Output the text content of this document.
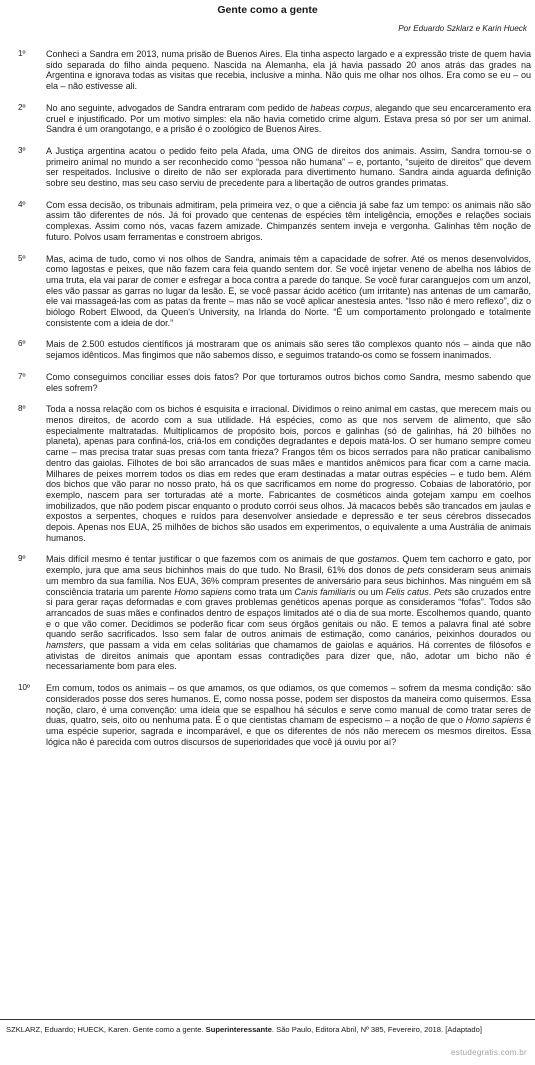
Gente como a gente
Por Eduardo Szklarz e Karin Hueck
1º	Conheci a Sandra em 2013, numa prisão de Buenos Aires. Ela tinha aspecto largado e a expressão triste de quem havia sido separada do filho ainda pequeno. Nascida na Alemanha, ela já havia passado 20 anos atrás das grades na Argentina e ignorava todas as visitas que recebia, inclusive a minha. Não quis me olhar nos olhos. Era como se eu – ou ela – não estivesse ali.
2º	No ano seguinte, advogados de Sandra entraram com pedido de habeas corpus, alegando que seu encarceramento era cruel e injustificado. Por um motivo simples: ela não havia cometido crime algum. Estava presa só por ser um animal. Sandra é um orangotango, e a prisão é o zoológico de Buenos Aires.
3º	A Justiça argentina acatou o pedido feito pela Afada, uma ONG de direitos dos animais. Assim, Sandra tornou-se o primeiro animal no mundo a ser reconhecido como “pessoa não humana” – e, portanto, “sujeito de direitos” que devem ser respeitados. Inclusive o direito de não ser explorada para divertimento humano. Sandra ainda aguarda definição sobre seu destino, mas seu caso serviu de precedente para a libertação de outros grandes primatas.
4º	Com essa decisão, os tribunais admitiram, pela primeira vez, o que a ciência já sabe faz um tempo: os animais não são assim tão diferentes de nós. Já foi provado que centenas de espécies têm inteligência, emoções e relações sociais complexas. Assim como nós, vacas fazem amizade. Chimpanzés sentem inveja e vergonha. Galinhas têm noção de futuro. Polvos usam ferramentas e constroem abrigos.
5º	Mas, acima de tudo, como vi nos olhos de Sandra, animais têm a capacidade de sofrer. Até os menos desenvolvidos, como lagostas e peixes, que não fazem cara feia quando sentem dor. Se você injetar veneno de abelha nos lábios de uma truta, ela vai parar de comer e esfregar a boca contra a parede do tanque. Se você furar caranguejos com um anzol, eles vão passar as garras no lugar da lesão. E, se você passar ácido acético (um irritante) nas antenas de um camarão, ele vai massageá-las com as patas da frente – mas não se você aplicar anestesia antes. “Isso não é mero reflexo”, diz o biólogo Robert Elwood, da Queen's University, na Irlanda do Norte. “É um comportamento prolongado e totalmente consistente com a ideia de dor.”
6º	Mais de 2.500 estudos científicos já mostraram que os animais são seres tão complexos quanto nós – ainda que não sejamos idênticos. Mas fingimos que não sabemos disso, e seguimos tratando-os como se fossem inanimados.
7º	Como conseguimos conciliar esses dois fatos? Por que torturamos outros bichos como Sandra, mesmo sabendo que eles sofrem?
8º	Toda a nossa relação com os bichos é esquisita e irracional. Dividimos o reino animal em castas, que merecem mais ou menos direitos, de acordo com a sua utilidade. Há espécies, como as que nos servem de alimento, que são especialmente maltratadas. Multiplicamos de propósito bois, porcos e galinhas (só de galinhas, há 20 bilhões no planeta), apenas para confiná-los, criá-los em condições degradantes e depois matá-los. O ser humano sempre comeu carne – mas precisa tratar suas presas com tanta frieza? Frangos têm os bicos serrados para não praticar canibalismo dentro das gaiolas. Filhotes de boi são arrancados de suas mães e mantidos anêmicos para ficar com a carne macia. Milhares de peixes morrem todos os dias em redes que eram destinadas a matar outras espécies – e tudo bem. Além dos bichos que vão parar no nosso prato, há os que sacrificamos em nome do progresso. Cobaias de laboratório, por exemplo, nascem para ser torturadas até a morte. Fabricantes de cosméticos ainda gotejam xampu em coelhos imobilizados, que não podem piscar enquanto o produto corrói seus olhos. Já macacos bebês são trancados em jaulas e expostos a serpentes, choques e ruídos para desenvolver ansiedade e depressão e ter seus cérebros dissecados depois. Apenas nos EUA, 25 milhões de bichos são usados em experimentos, o equivalente a uma Austrália de animais humanos.
9º	Mais difícil mesmo é tentar justificar o que fazemos com os animais de que gostamos. Quem tem cachorro e gato, por exemplo, jura que ama seus bichinhos mais do que tudo. No Brasil, 61% dos donos de pets consideram seus animais um membro da sua família. Nos EUA, 36% compram presentes de aniversário para seus bichinhos. Mas ninguém em sã consciência trataria um parente Homo sapiens como trata um Canis familiaris ou um Felis catus. Pets são cruzados entre si para gerar raças deformadas e com graves problemas genéticos apenas porque as consideramos “fofas”. Todos são arrancados de suas mães e confinados dentro de espaços limitados até o dia de sua morte. Escolhemos quando, quanto e o que vão comer. Decidimos se poderão ficar com seus órgãos genitais ou não. E temos a palavra final até sobre quando serão sacrificados. Isso sem falar de outros animais de estimação, como canários, peixinhos dourados ou hamsters, que passam a vida em celas solitárias que chamamos de gaiolas e aquários. Há correntes de filósofos e ativistas de direitos animais que apontam essas contradições para dizer que, não, adotar um bicho não é necessariamente bom para eles.
10º	Em comum, todos os animais – os que amamos, os que odiamos, os que comemos – sofrem da mesma condição: são considerados posse dos seres humanos. E, como nossa posse, podem ser dispostos da maneira como quisermos. Essa noção, claro, é uma convenção: uma ideia que se espalhou há séculos e serve como manual de como tratar seres de duas, quatro, seis, oito ou nenhuma pata. É o que cientistas chamam de especismo – a noção de que o Homo sapiens é uma espécie superior, sagrada e incomparável, e que os diferentes de nós não merecem os mesmos direitos. Essa lógica não é parecida com outros discursos de superioridades que você já ouviu por aí?
SZKLARZ, Eduardo; HUECK, Karen. Gente como a gente. Superinteressante. São Paulo, Editora Abril, Nº 385, Fevereiro, 2018. [Adaptado]
estudegratis.com.br
